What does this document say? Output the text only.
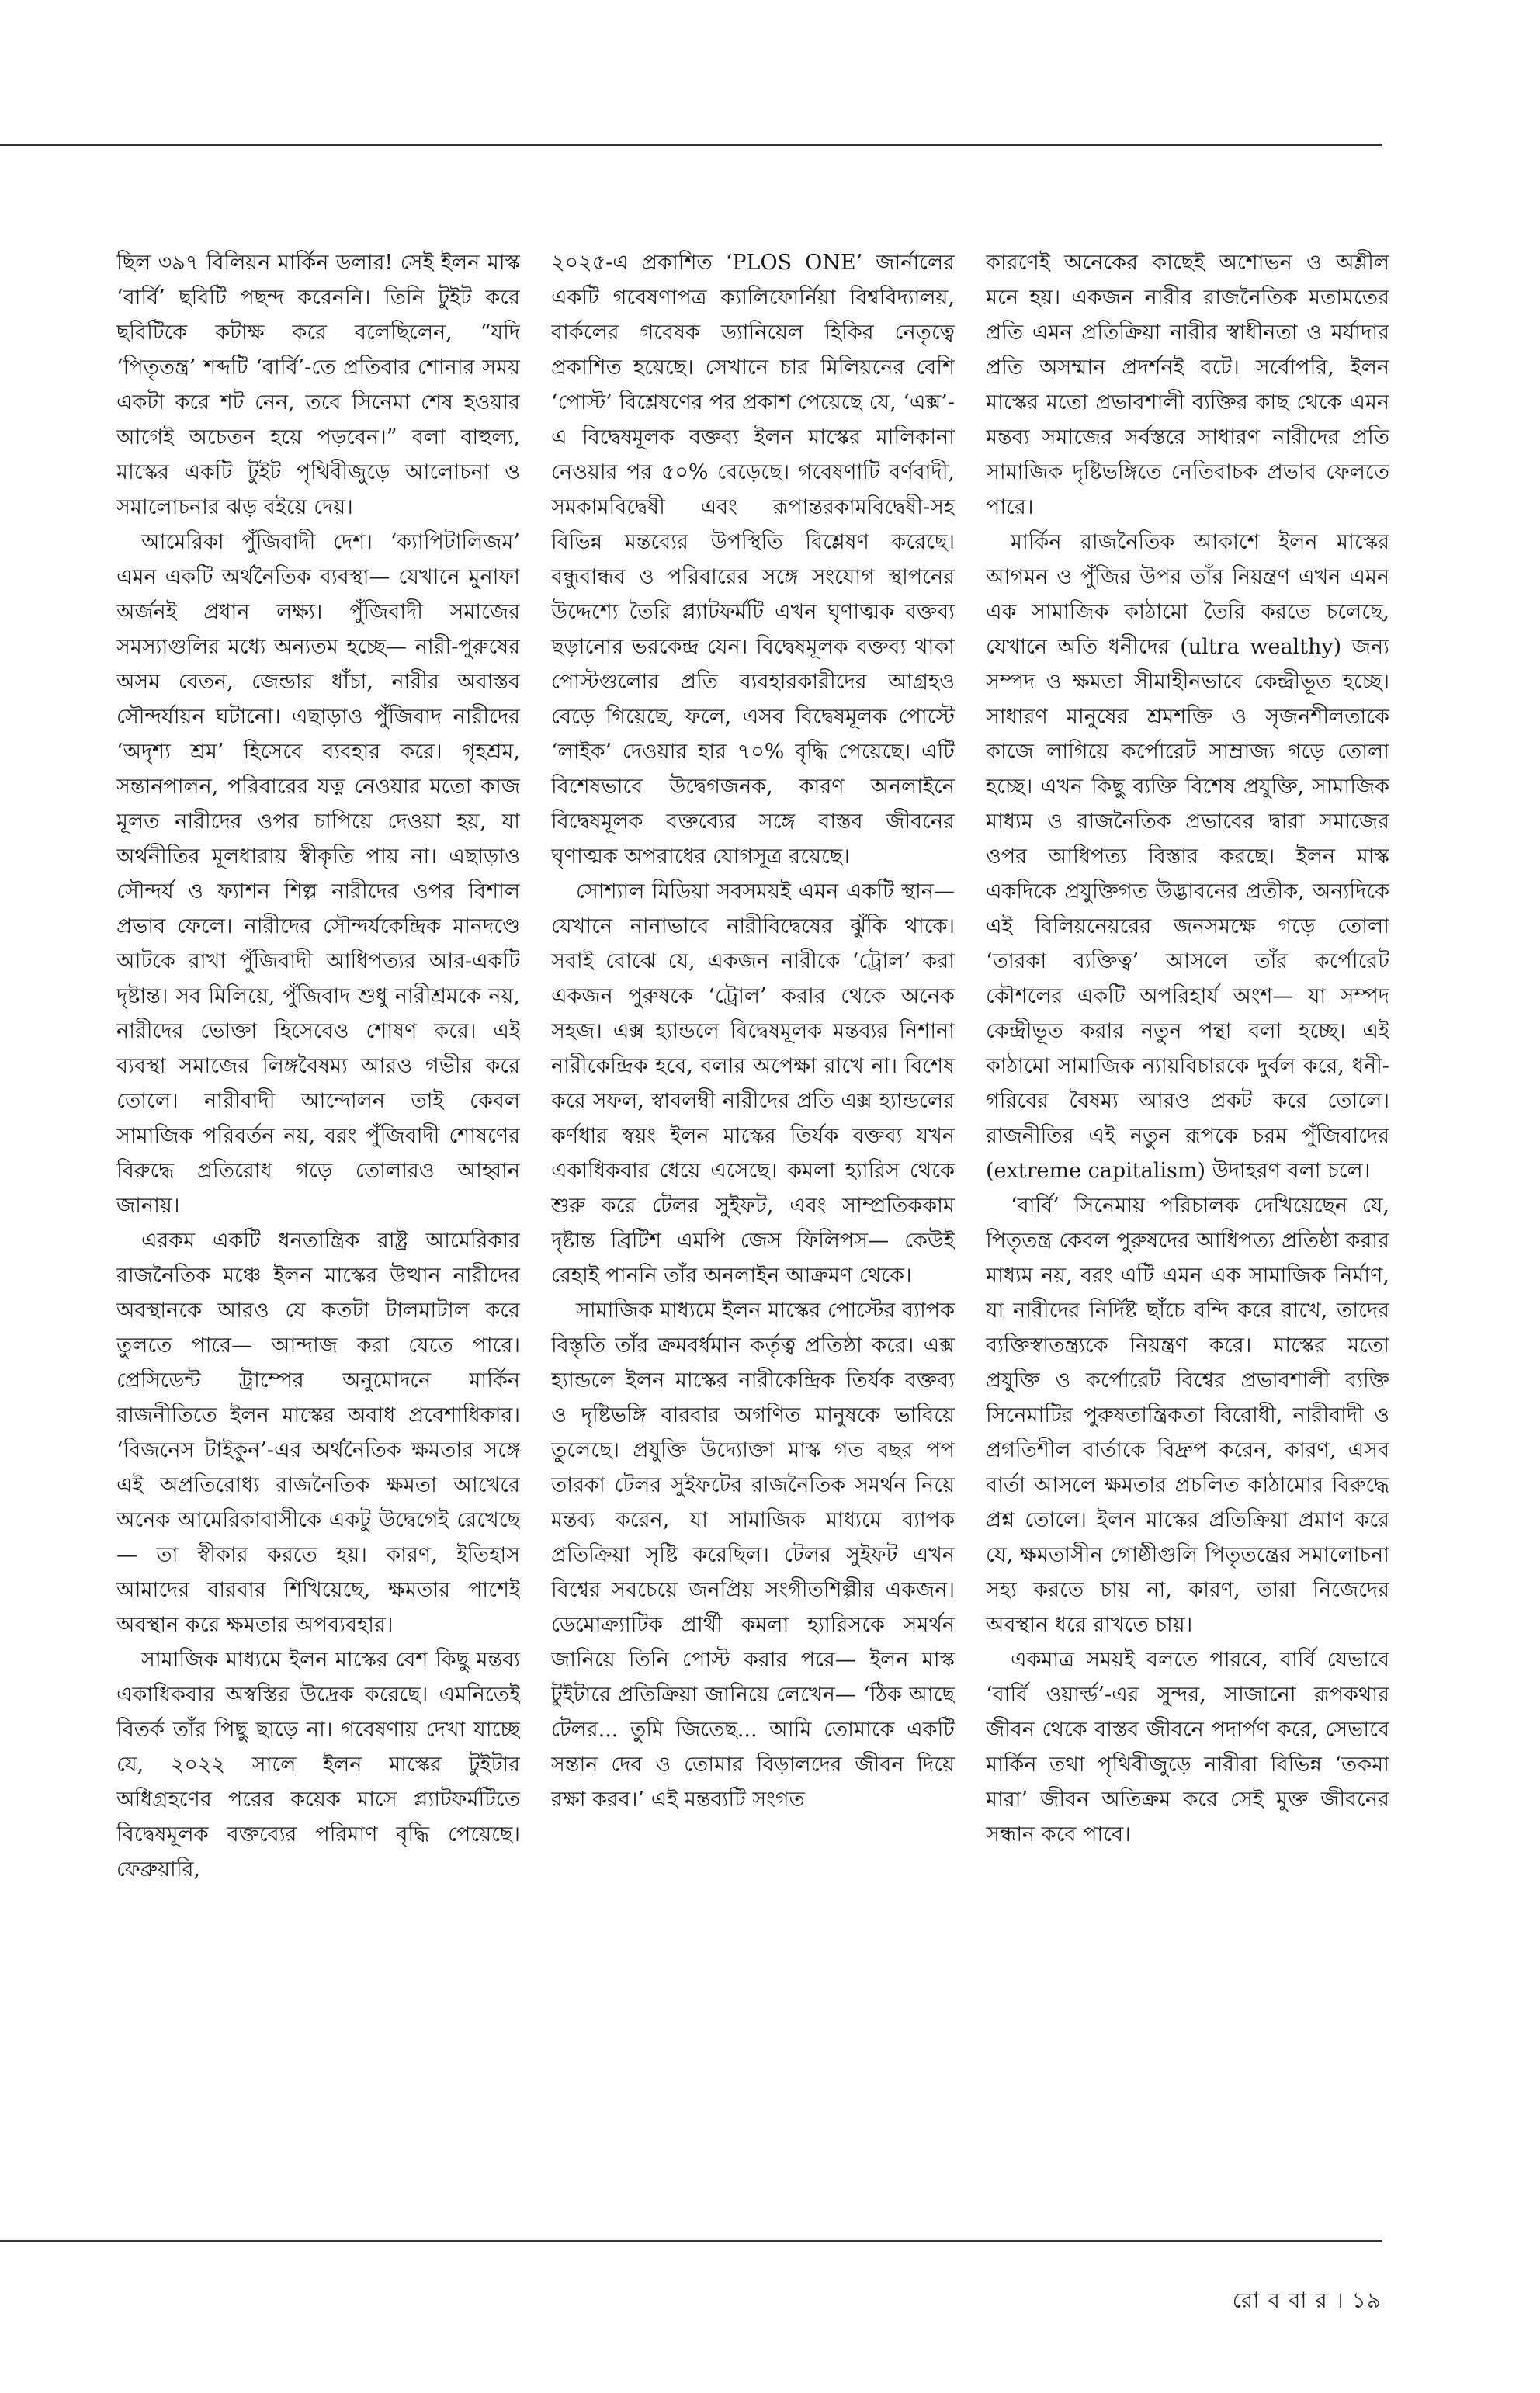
ছিল ৩৯৭ বিলিয়ন মার্কিন ডলার! সেই ইলন মাস্ক ‘বার্বি’ ছবিটি পছন্দ করেননি। তিনি টুইট করে ছবিটিকে কটাক্ষ করে বলেছিলেন, “যদি ‘পিতৃতন্ত্র’ শব্দটি ‘বার্বি’-তে প্রতিবার শোনার সময় একটা করে শট নেন, তবে সিনেমা শেষ হওয়ার আগেই অচেতন হয়ে পড়বেন।” বলা বাহুল্য, মাস্কের একটি টুইট পৃথিবীজুড়ে আলোচনা ও সমালোচনার ঝড় বইয়ে দেয়।

আমেরিকা পুঁজিবাদী দেশ। ‘ক্যাপিটালিজম’ এমন একটি অর্থনৈতিক ব্যবস্থা— যেখানে মুনাফা অর্জনই প্রধান লক্ষ্য। পুঁজিবাদী সমাজের সমস্যাগুলির মধ্যে অন্যতম হচ্ছে— নারী-পুরুষের অসম বেতন, জেন্ডার ধাঁচা, নারীর অবাস্তব সৌন্দর্যায়ন ঘটানো। এছাড়াও পুঁজিবাদ নারীদের ‘অদৃশ্য শ্রম’ হিসেবে ব্যবহার করে। গৃহশ্রম, সন্তানপালন, পরিবারের যত্ন নেওয়ার মতো কাজ মূলত নারীদের ওপর চাপিয়ে দেওয়া হয়, যা অর্থনীতির মূলধারায় স্বীকৃতি পায় না। এছাড়াও সৌন্দর্য ও ফ্যাশন শিল্প নারীদের ওপর বিশাল প্রভাব ফেলে। নারীদের সৌন্দর্যকেন্দ্রিক মানদণ্ডে আটকে রাখা পুঁজিবাদী আধিপত্যর আর-একটি দৃষ্টান্ত। সব মিলিয়ে, পুঁজিবাদ শুধু নারীশ্রমকে নয়, নারীদের ভোক্তা হিসেবেও শোষণ করে। এই ব্যবস্থা সমাজের লিঙ্গবৈষম্য আরও গভীর করে তোলে। নারীবাদী আন্দোলন তাই কেবল সামাজিক পরিবর্তন নয়, বরং পুঁজিবাদী শোষণের বিরুদ্ধে প্রতিরোধ গড়ে তোলারও আহ্বান জানায়।

এরকম একটি ধনতান্ত্রিক রাষ্ট্র আমেরিকার রাজনৈতিক মঞ্চে ইলন মাস্কের উত্থান নারীদের অবস্থানকে আরও যে কতটা টালমাটাল করে তুলতে পারে— আন্দাজ করা যেতে পারে। প্রেসিডেন্ট ট্রাম্পের অনুমোদনে মার্কিন রাজনীতিতে ইলন মাস্কের অবাধ প্রবেশাধিকার। ‘বিজনেস টাইকুন’-এর অর্থনৈতিক ক্ষমতার সঙ্গে এই অপ্রতিরোধ্য রাজনৈতিক ক্ষমতা আখেরে অনেক আমেরিকাবাসীকে একটু উদ্বেগেই রেখেছে— তা স্বীকার করতে হয়। কারণ, ইতিহাস আমাদের বারবার শিখিয়েছে, ক্ষমতার পাশেই অবস্থান করে ক্ষমতার অপব্যবহার।

সামাজিক মাধ্যমে ইলন মাস্কের বেশ কিছু মন্তব্য একাধিকবার অস্বস্তির উদ্রেক করেছে। এমনিতেই বিতর্ক তাঁর পিছু ছাড়ে না। গবেষণায় দেখা যাচ্ছে যে, ২০২২ সালে ইলন মাস্কের টুইটার অধিগ্রহণের পরের কয়েক মাসে প্ল্যাটফর্মটিতে বিদ্বেষমূলক বক্তব্যের পরিমাণ বৃদ্ধি পেয়েছে। ফেব্রুয়ারি,

২০২৫-এ প্রকাশিত ‘PLOS ONE’ জার্নালের একটি গবেষণাপত্র ক্যালিফোর্নিয়া বিশ্ববিদ্যালয়, বার্কলের গবেষক ড্যানিয়েল হিকির নেতৃত্বে প্রকাশিত হয়েছে। সেখানে চার মিলিয়নের বেশি ‘পোস্ট’ বিশ্লেষণের পর প্রকাশ পেয়েছে যে, ‘এক্স’-এ বিদ্বেষমূলক বক্তব্য ইলন মাস্কের মালিকানা নেওয়ার পর ৫০% বেড়েছে। গবেষণাটি বর্ণবাদী, সমকামবিদ্বেষী এবং রূপান্তরকামবিদ্বেষী-সহ বিভিন্ন মন্তব্যের উপস্থিতি বিশ্লেষণ করেছে। বন্ধুবান্ধব ও পরিবারের সঙ্গে সংযোগ স্থাপনের উদ্দেশ্যে তৈরি প্ল্যাটফর্মটি এখন ঘৃণাত্মক বক্তব্য ছড়ানোর ভরকেন্দ্র যেন। বিদ্বেষমূলক বক্তব্য থাকা পোস্টগুলোর প্রতি ব্যবহারকারীদের আগ্রহও বেড়ে গিয়েছে, ফলে, এসব বিদ্বেষমূলক পোস্টে ‘লাইক’ দেওয়ার হার ৭০% বৃদ্ধি পেয়েছে। এটি বিশেষভাবে উদ্বেগজনক, কারণ অনলাইনে বিদ্বেষমূলক বক্তব্যের সঙ্গে বাস্তব জীবনের ঘৃণাত্মক অপরাধের যোগসূত্র রয়েছে।

সোশ্যাল মিডিয়া সবসময়ই এমন একটি স্থান— যেখানে নানাভাবে নারীবিদ্বেষের ঝুঁকি থাকে। সবাই বোঝে যে, একজন নারীকে ‘ট্রোল’ করা একজন পুরুষকে ‘ট্রোল’ করার থেকে অনেক সহজ। এক্স হ্যান্ডলে বিদ্বেষমূলক মন্তব্যর নিশানা নারীকেন্দ্রিক হবে, বলার অপেক্ষা রাখে না। বিশেষ করে সফল, স্বাবলম্বী নারীদের প্রতি এক্স হ্যান্ডলের কর্ণধার স্বয়ং ইলন মাস্কের তির্যক বক্তব্য যখন একাধিকবার ধেয়ে এসেছে। কমলা হ্যারিস থেকে শুরু করে টেলর সুইফট, এবং সাম্প্রতিককাম দৃষ্টান্ত ব্রিটিশ এমপি জেস ফিলিপস— কেউই রেহাই পাননি তাঁর অনলাইন আক্রমণ থেকে।

সামাজিক মাধ্যমে ইলন মাস্কের পোস্টের ব্যাপক বিস্তৃতি তাঁর ক্রমবর্ধমান কর্তৃত্ব প্রতিষ্ঠা করে। এক্স হ্যান্ডলে ইলন মাস্কের নারীকেন্দ্রিক তির্যক বক্তব্য ও দৃষ্টিভঙ্গি বারবার অগণিত মানুষকে ভাবিয়ে তুলেছে। প্রযুক্তি উদ্যোক্তা মাস্ক গত বছর পপ তারকা টেলর সুইফটের রাজনৈতিক সমর্থন নিয়ে মন্তব্য করেন, যা সামাজিক মাধ্যমে ব্যাপক প্রতিক্রিয়া সৃষ্টি করেছিল। টেলর সুইফট এখন বিশ্বের সবচেয়ে জনপ্রিয় সংগীতশিল্পীর একজন। ডেমোক্র্যাটিক প্রার্থী কমলা হ্যারিসকে সমর্থন জানিয়ে তিনি পোস্ট করার পরে— ইলন মাস্ক টুইটারে প্রতিক্রিয়া জানিয়ে লেখেন— ‘ঠিক আছে টেলর... তুমি জিতেছ... আমি তোমাকে একটি সন্তান দেব ও তোমার বিড়ালদের জীবন দিয়ে রক্ষা করব।’ এই মন্তব্যটি সংগত

কারণেই অনেকের কাছেই অশোভন ও অশ্লীল মনে হয়। একজন নারীর রাজনৈতিক মতামতের প্রতি এমন প্রতিক্রিয়া নারীর স্বাধীনতা ও মর্যাদার প্রতি অসম্মান প্রদর্শনই বটে। সর্বোপরি, ইলন মাস্কের মতো প্রভাবশালী ব্যক্তির কাছ থেকে এমন মন্তব্য সমাজের সর্বস্তরে সাধারণ নারীদের প্রতি সামাজিক দৃষ্টিভঙ্গিতে নেতিবাচক প্রভাব ফেলতে পারে।

মার্কিন রাজনৈতিক আকাশে ইলন মাস্কের আগমন ও পুঁজির উপর তাঁর নিয়ন্ত্রণ এখন এমন এক সামাজিক কাঠামো তৈরি করতে চলেছে, যেখানে অতি ধনীদের (ultra wealthy) জন্য সম্পদ ও ক্ষমতা সীমাহীনভাবে কেন্দ্রীভূত হচ্ছে। সাধারণ মানুষের শ্রমশক্তি ও সৃজনশীলতাকে কাজে লাগিয়ে কর্পোরেট সাম্রাজ্য গড়ে তোলা হচ্ছে। এখন কিছু ব্যক্তি বিশেষ প্রযুক্তি, সামাজিক মাধ্যম ও রাজনৈতিক প্রভাবের দ্বারা সমাজের ওপর আধিপত্য বিস্তার করছে। ইলন মাস্ক একদিকে প্রযুক্তিগত উদ্ভাবনের প্রতীক, অন্যদিকে এই বিলিয়নেয়রের জনসমক্ষে গড়ে তোলা ‘তারকা ব্যক্তিত্ব’ আসলে তাঁর কর্পোরেট কৌশলের একটি অপরিহার্য অংশ— যা সম্পদ কেন্দ্রীভূত করার নতুন পন্থা বলা হচ্ছে। এই কাঠামো সামাজিক ন্যায়বিচারকে দুর্বল করে, ধনী-গরিবের বৈষম্য আরও প্রকট করে তোলে। রাজনীতির এই নতুন রূপকে চরম পুঁজিবাদের (extreme capitalism) উদাহরণ বলা চলে।

‘বার্বি’ সিনেমায় পরিচালক দেখিয়েছেন যে, পিতৃতন্ত্র কেবল পুরুষদের আধিপত্য প্রতিষ্ঠা করার মাধ্যম নয়, বরং এটি এমন এক সামাজিক নির্মাণ, যা নারীদের নির্দিষ্ট ছাঁচে বন্দি করে রাখে, তাদের ব্যক্তিস্বাতন্ত্র্যকে নিয়ন্ত্রণ করে। মাস্কের মতো প্রযুক্তি ও কর্পোরেট বিশ্বের প্রভাবশালী ব্যক্তি সিনেমাটির পুরুষতান্ত্রিকতা বিরোধী, নারীবাদী ও প্রগতিশীল বার্তাকে বিদ্রুপ করেন, কারণ, এসব বার্তা আসলে ক্ষমতার প্রচলিত কাঠামোর বিরুদ্ধে প্রশ্ন তোলে। ইলন মাস্কের প্রতিক্রিয়া প্রমাণ করে যে, ক্ষমতাসীন গোষ্ঠীগুলি পিতৃতন্ত্রের সমালোচনা সহ্য করতে চায় না, কারণ, তারা নিজেদের অবস্থান ধরে রাখতে চায়।

একমাত্র সময়ই বলতে পারবে, বার্বি যেভাবে ‘বার্বি ওয়ার্ল্ড’-এর সুন্দর, সাজানো রূপকথার জীবন থেকে বাস্তব জীবনে পদার্পণ করে, সেভাবে মার্কিন তথা পৃথিবীজুড়ে নারীরা বিভিন্ন ‘তকমা মারা’ জীবন অতিক্রম করে সেই মুক্ত জীবনের সন্ধান কবে পাবে।

রো ব বা র । ১৯
